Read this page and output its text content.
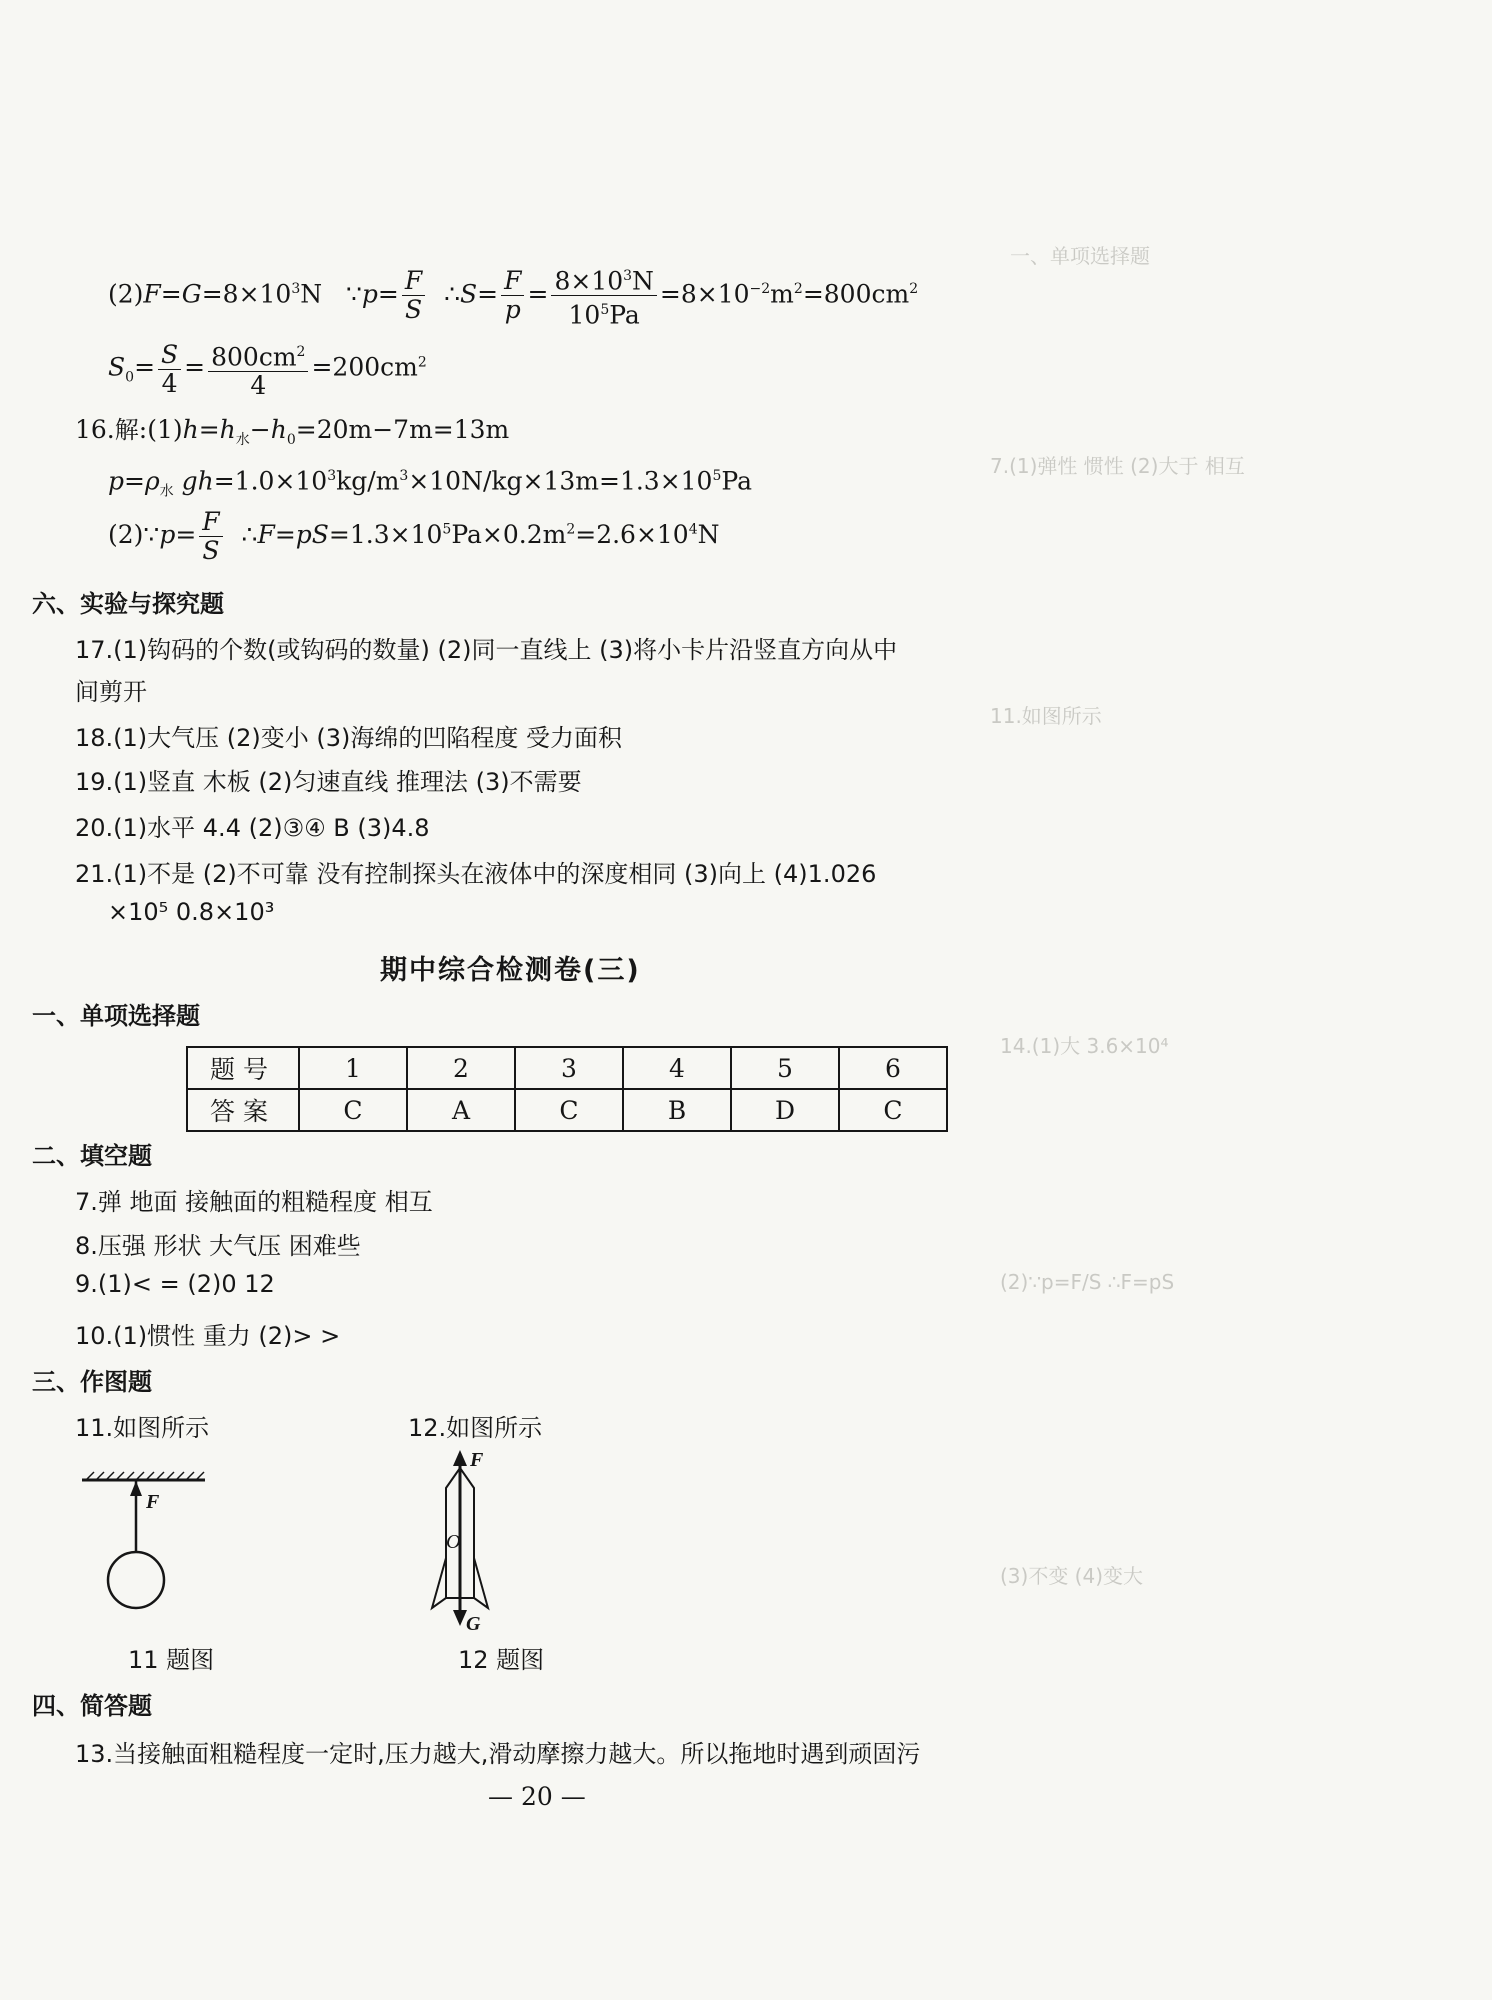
一、单项选择题
7.(1)弹性 惯性 (2)大于 相互
11.如图所示
14.(1)大 3.6×10⁴
(2)∵p=F/S ∴F=pS
(3)不变 (4)变大
$(2)F=G=8\times 10^3N$   ∵p= $\frac{F}{S}$ ∴S= $\frac{F}{p} = \frac{8\times 10^3N}{10^5Pa} =8\times 10^{-2}m^2=800cm^2$
$S_0= \frac{S}{4} = \frac{800cm^2}{4} =200cm^2$
16.解$:(1)h=h_水-h_0=20m-7m=13m$
$p=\rho_水$ $gh=1.0\times 10^3kg/m^3\times 10N/kg\times 13m=1.3\times 10^5Pa$
(2)∵p= $\frac{F}{S}$ $\therefore F=pS=1.3\times 10^5Pa\times 0.2m^2=2.6\times 10^4N$
六、实验与探究题
17.(1)钩码的个数(或钩码的数量) (2)同一直线上 (3)将小卡片沿竖直方向从中
间剪开
18.(1)大气压 (2)变小 (3)海绵的凹陷程度 受力面积
19.(1)竖直 木板 (2)匀速直线 推理法 (3)不需要
20.(1)水平 4.4 (2)③④ B (3)4.8
21.(1)不是 (2)不可靠 没有控制探头在液体中的深度相同 (3)向上 (4)1.026
×10⁵ 0.8×10³
期中综合检测卷(三)
一、单项选择题
题号	1	2	3	4	5	6
答案	C	A	C	B	D	C
二、填空题
7.弹 地面 接触面的粗糙程度 相互
8.压强 形状 大气压 困难些
9.(1)< = (2)0 12
10.(1)惯性 重力 (2)> >
三、作图题
11.如图所示	12.如图所示
F
F
O
G
11 题图	12 题图
四、简答题
13.当接触面粗糙程度一定时,压力越大,滑动摩擦力越大。所以拖地时遇到顽固污
— 20 —
